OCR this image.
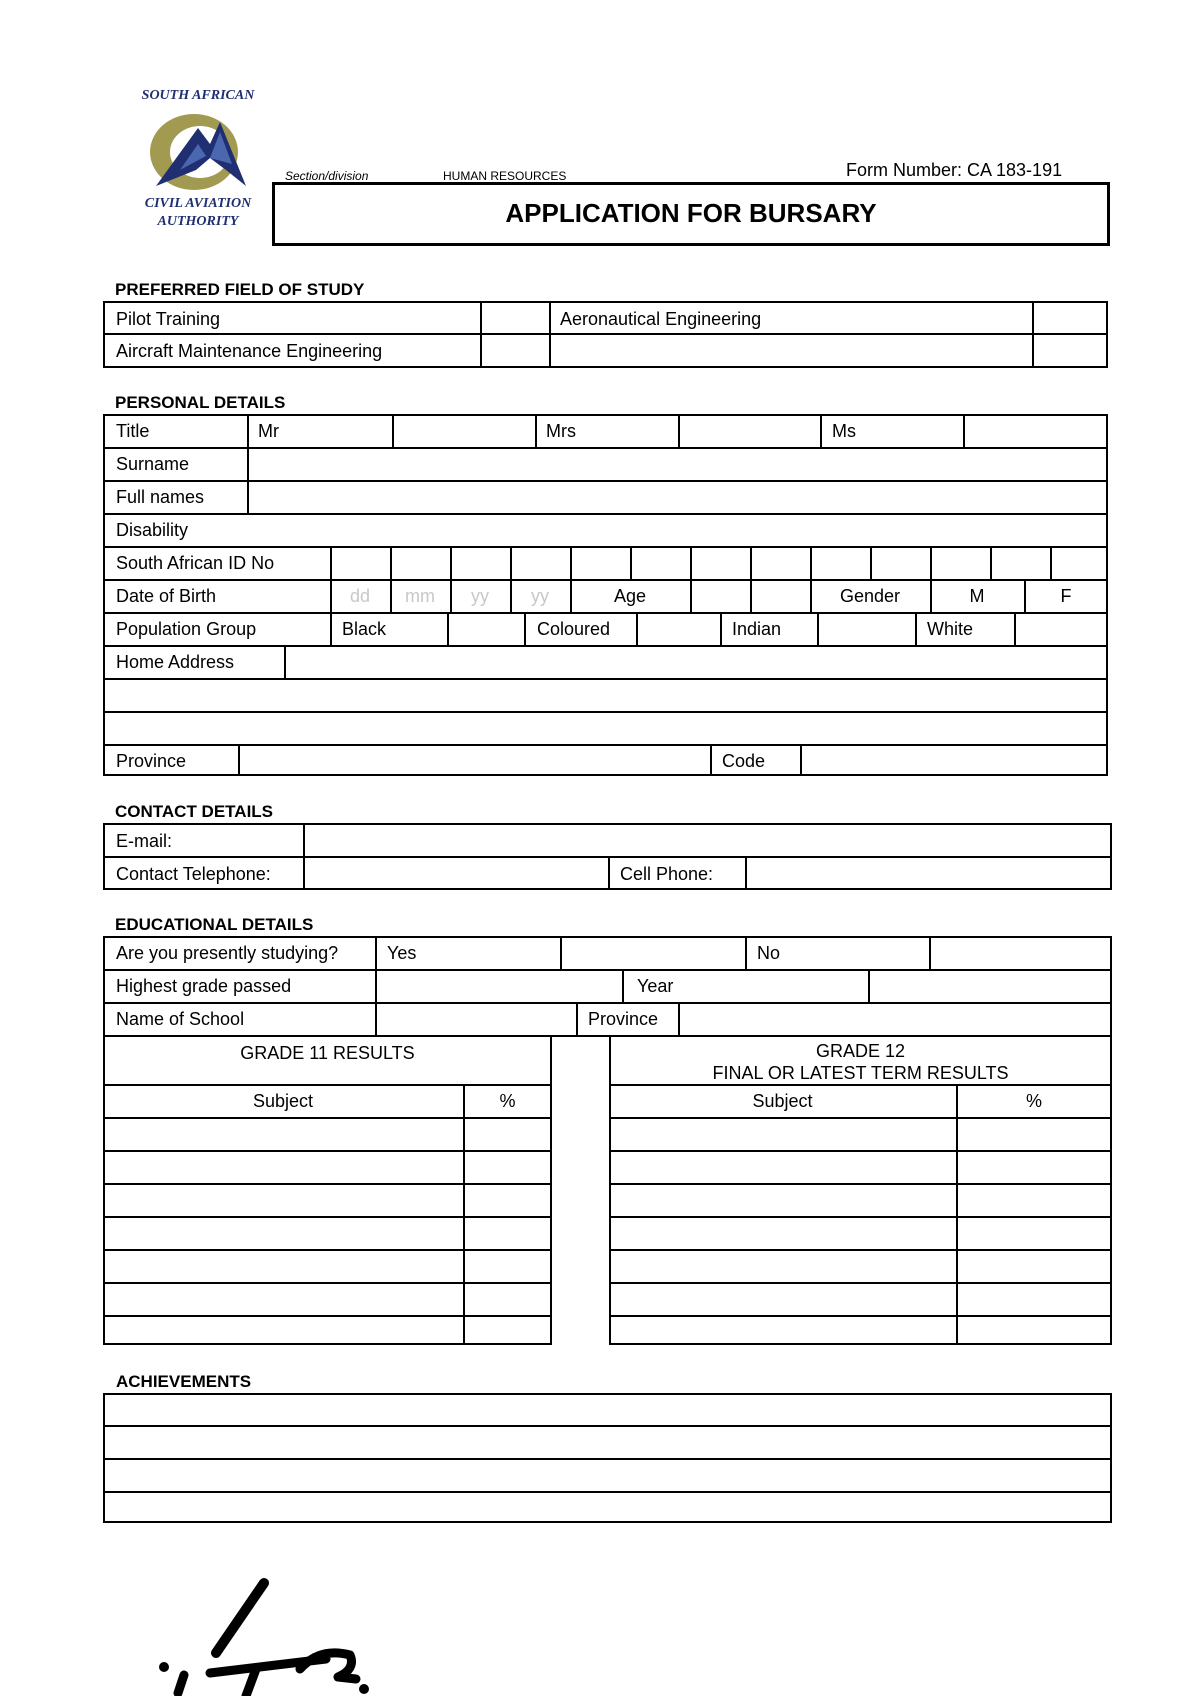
SOUTH AFRICAN
CIVIL AVIATION
AUTHORITY
Section/division	HUMAN RESOURCES	Form Number: CA 183-191
APPLICATION FOR BURSARY
PREFERRED FIELD OF STUDY
Pilot Training	Aeronautical Engineering
Aircraft Maintenance Engineering
PERSONAL DETAILS
Title	Mr	Mrs	Ms
Surname
Full names
Disability
South African ID No
Date of Birth	dd	mm	yy	yy	Age	Gender	M	F
Population Group	Black	Coloured	Indian	White
Home Address
Province	Code
CONTACT DETAILS
E-mail:
Contact Telephone:	Cell Phone:
EDUCATIONAL DETAILS
Are you presently studying?	Yes	No
Highest grade passed	Year
Name of School	Province
GRADE 11 RESULTS
Subject	%
GRADE 12
FINAL OR LATEST TERM RESULTS
Subject	%
ACHIEVEMENTS
